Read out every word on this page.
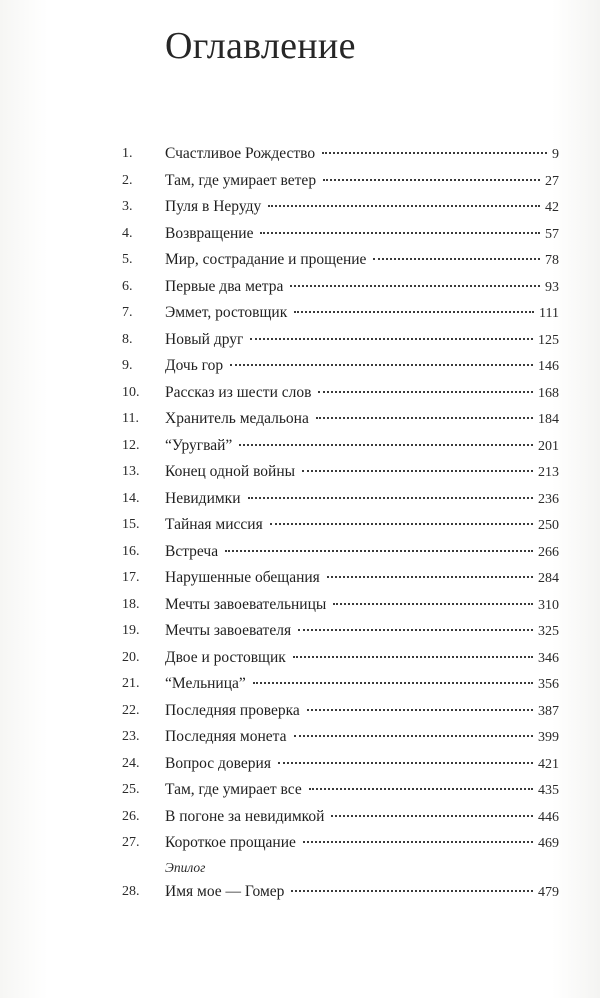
Оглавление
1. Счастливое Рождество	9
2. Там, где умирает ветер	27
3. Пуля в Неруду	42
4. Возвращение	57
5. Мир, сострадание и прощение	78
6. Первые два метра	93
7. Эммет, ростовщик	111
8. Новый друг	125
9. Дочь гор	146
10. Рассказ из шести слов	168
11. Хранитель медальона	184
12. “Уругвай”	201
13. Конец одной войны	213
14. Невидимки	236
15. Тайная миссия	250
16. Встреча	266
17. Нарушенные обещания	284
18. Мечты завоевательницы	310
19. Мечты завоевателя	325
20. Двое и ростовщик	346
21. “Мельница”	356
22. Последняя проверка	387
23. Последняя монета	399
24. Вопрос доверия	421
25. Там, где умирает все	435
26. В погоне за невидимкой	446
27. Короткое прощание	469
Эпилог
28. Имя мое — Гомер	479
